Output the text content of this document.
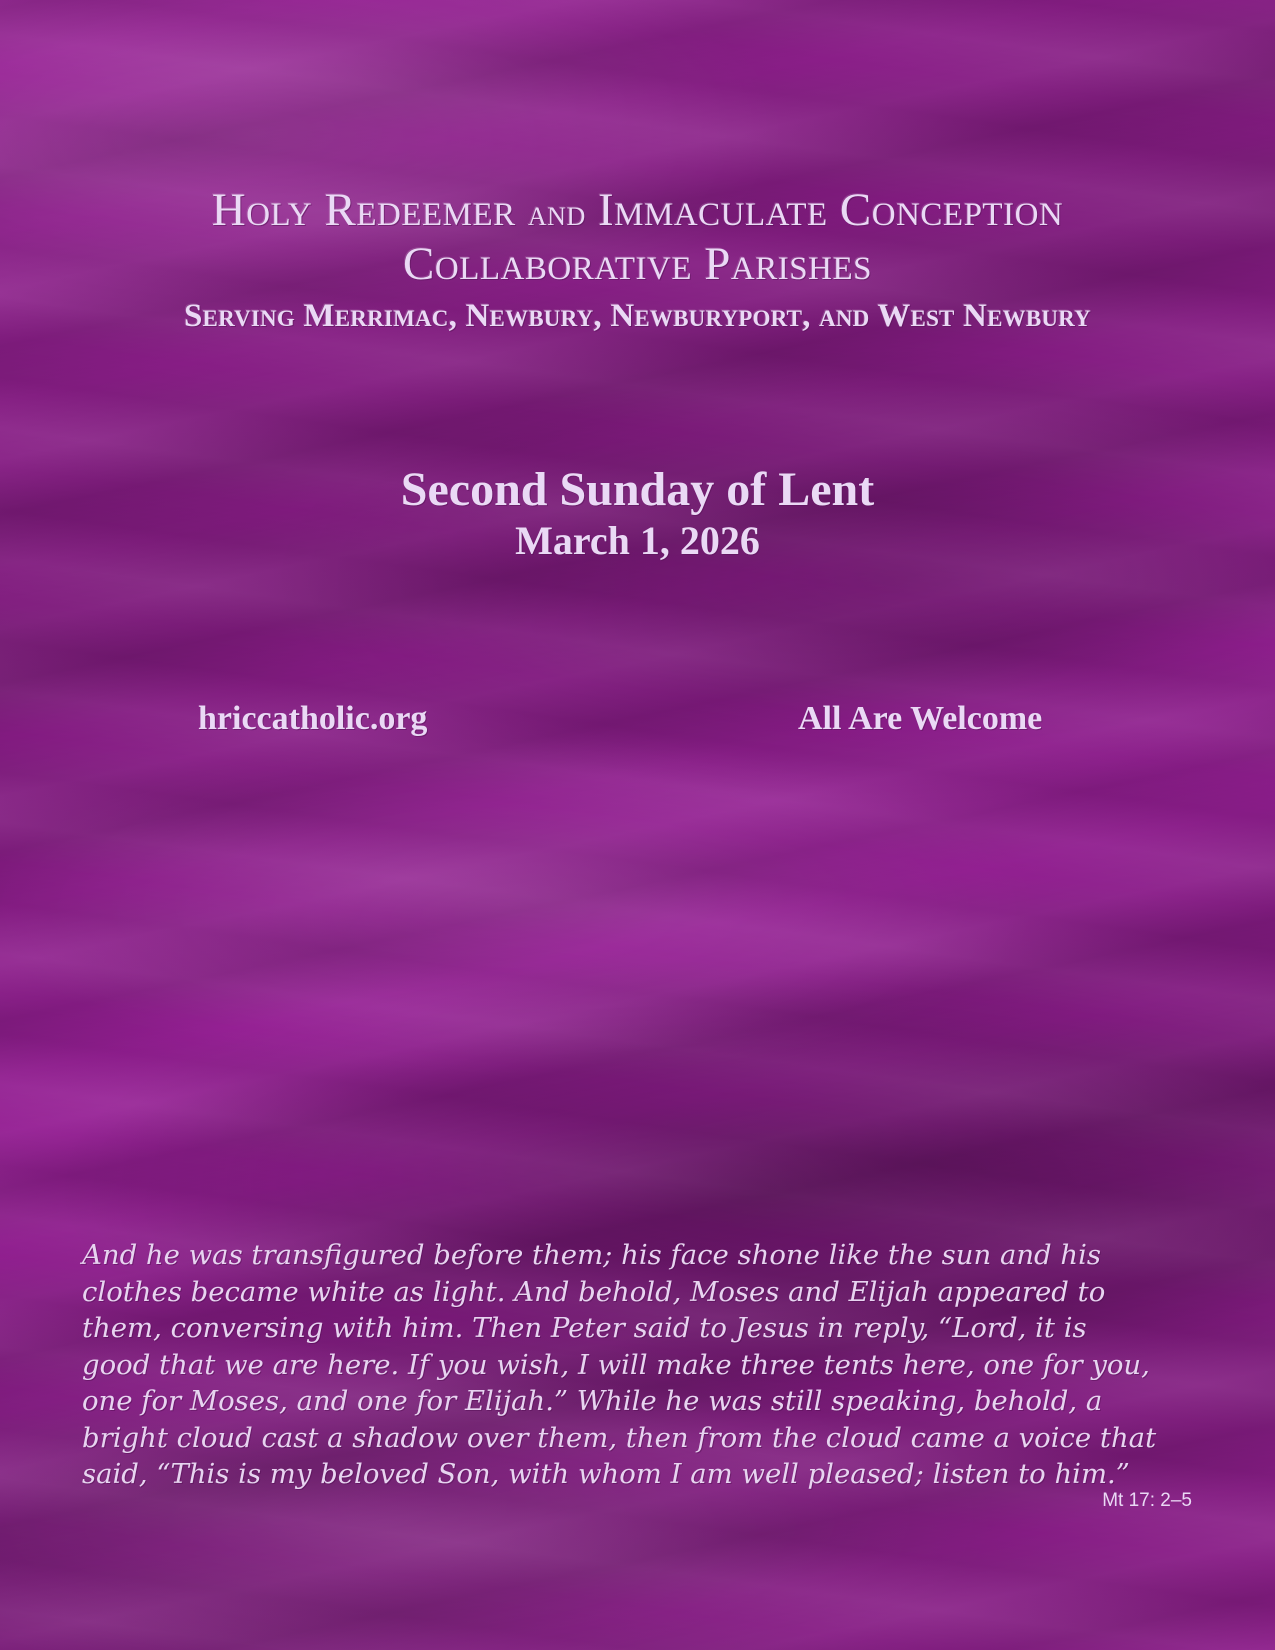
Holy Redeemer and Immaculate Conception
Collaborative Parishes
Serving Merrimac, Newbury, Newburyport, and West Newbury
Second Sunday of Lent
March 1, 2026
hriccatholic.org	All Are Welcome
And he was transfigured before them; his face shone like the sun and his
clothes became white as light. And behold, Moses and Elijah appeared to
them, conversing with him. Then Peter said to Jesus in reply, “Lord, it is
good that we are here. If you wish, I will make three tents here, one for you,
one for Moses, and one for Elijah.” While he was still speaking, behold, a
bright cloud cast a shadow over them, then from the cloud came a voice that
said, “This is my beloved Son, with whom I am well pleased; listen to him.”
Mt 17: 2–5
